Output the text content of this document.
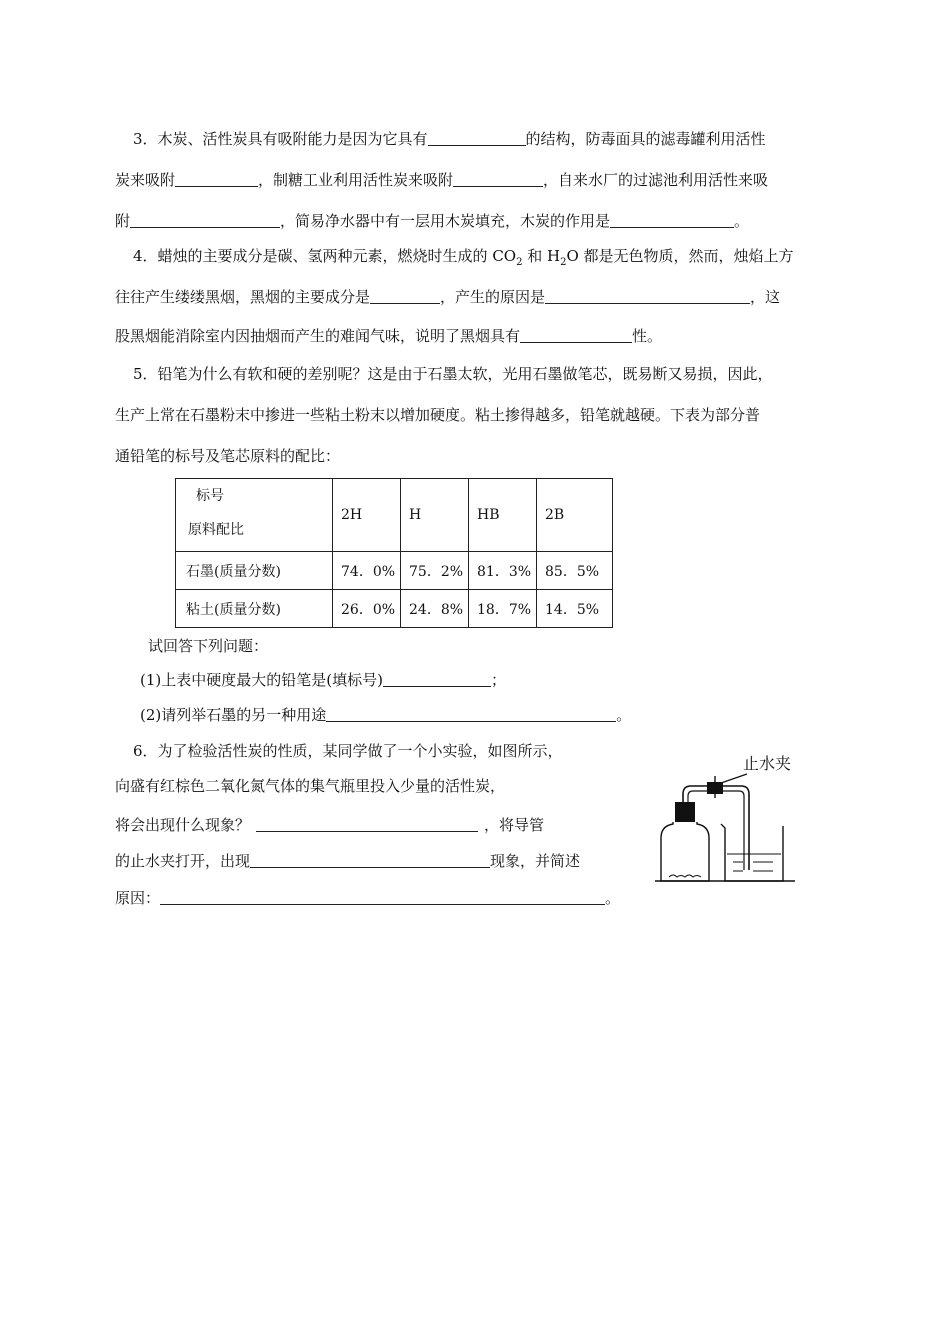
3．木炭、活性炭具有吸附能力是因为它具有	的结构，防毒面具的滤毒罐利用活性
炭来吸附	，制糖工业利用活性炭来吸附	，自来水厂的过滤池利用活性来吸
附	，简易净水器中有一层用木炭填充，木炭的作用是	。
4．蜡烛的主要成分是碳、氢两种元素，燃烧时生成的 $CO_2$ 和 $H_2O$ 都是无色物质，然而，烛焰上方
往往产生缕缕黑烟，黑烟的主要成分是	，产生的原因是	，这
股黑烟能消除室内因抽烟而产生的难闻气味，说明了黑烟具有	性。
5．铅笔为什么有软和硬的差别呢？这是由于石墨太软，光用石墨做笔芯，既易断又易损，因此，
生产上常在石墨粉末中掺进一些粘土粉末以增加硬度。粘土掺得越多，铅笔就越硬。下表为部分普
通铅笔的标号及笔芯原料的配比：
标号
原料配比	2H	H	HB	2B
石墨(质量分数)	74．0%	75．2%	81．3%	85．5%
粘土(质量分数)	26．0%	24．8%	18．7%	14．5%
试回答下列问题：
(1)上表中硬度最大的铅笔是(填标号)	；
(2)请列举石墨的另一种用途	。
6．为了检验活性炭的性质，某同学做了一个小实验，如图所示，
向盛有红棕色二氧化氮气体的集气瓶里投入少量的活性炭，
将会出现什么现象？	，将导管
的止水夹打开，出现	现象，并简述
原因：	。
止水夹
